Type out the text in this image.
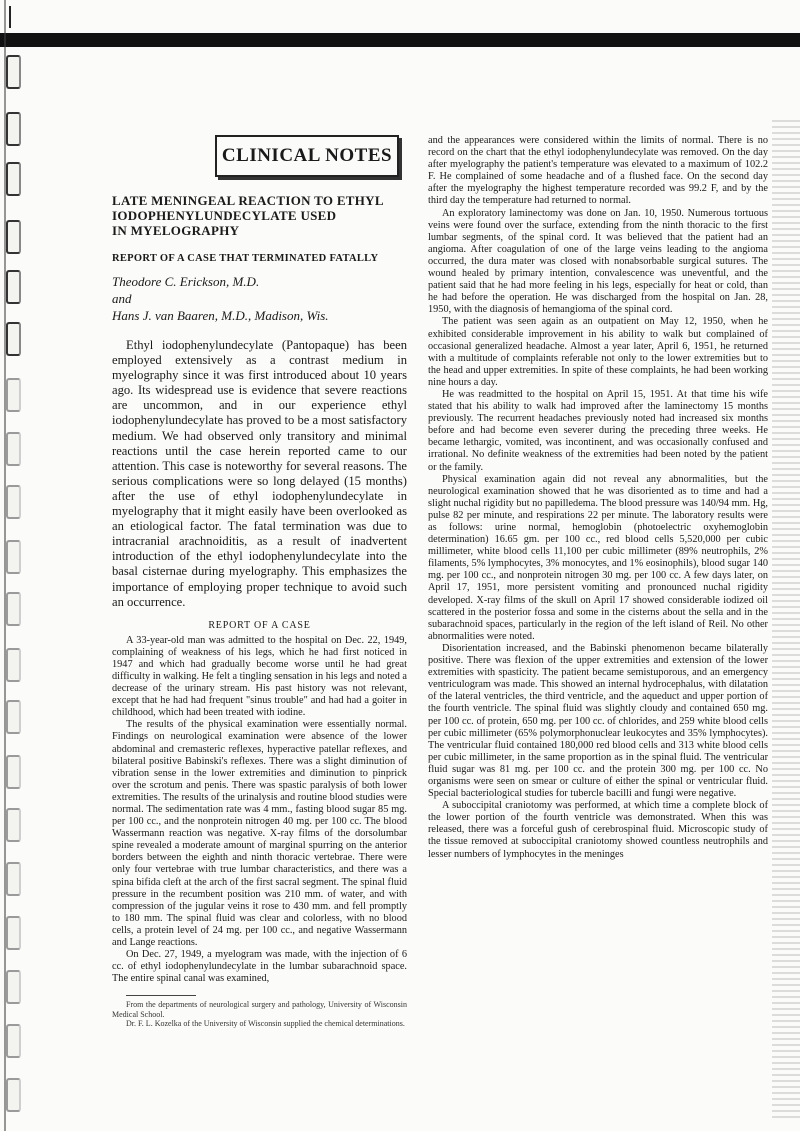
CLINICAL NOTES
LATE MENINGEAL REACTION TO ETHYL
IODOPHENYLUNDECYLATE USED
IN MYELOGRAPHY
REPORT OF A CASE THAT TERMINATED FATALLY
Theodore C. Erickson, M.D.
and
Hans J. van Baaren, M.D., Madison, Wis.

Ethyl iodophenylundecylate (Pantopaque) has been employed extensively as a contrast medium in myelography since it was first introduced about 10 years ago. Its widespread use is evidence that severe reactions are uncommon, and in our experience ethyl iodophenylundecylate has proved to be a most satisfactory medium. We had observed only transitory and minimal reactions until the case herein reported came to our attention. This case is noteworthy for several reasons. The serious complications were so long delayed (15 months) after the use of ethyl iodophenylundecylate in myelography that it might easily have been overlooked as an etiological factor. The fatal termination was due to intracranial arachnoiditis, as a result of inadvertent introduction of the ethyl iodophenylundecylate into the basal cisternae during myelography. This emphasizes the importance of employing proper technique to avoid such an occurrence.

REPORT OF A CASE

A 33-year-old man was admitted to the hospital on Dec. 22, 1949, complaining of weakness of his legs, which he had first noticed in 1947 and which had gradually become worse until he had great difficulty in walking. He felt a tingling sensation in his legs and noted a decrease of the urinary stream. His past history was not relevant, except that he had had frequent "sinus trouble" and had had a goiter in childhood, which had been treated with iodine.

The results of the physical examination were essentially normal. Findings on neurological examination were absence of the lower abdominal and cremasteric reflexes, hyperactive patellar reflexes, and bilateral positive Babinski's reflexes. There was a slight diminution of vibration sense in the lower extremities and diminution to pinprick over the scrotum and penis. There was spastic paralysis of both lower extremities. The results of the urinalysis and routine blood studies were normal. The sedimentation rate was 4 mm., fasting blood sugar 85 mg. per 100 cc., and the nonprotein nitrogen 40 mg. per 100 cc. The blood Wassermann reaction was negative. X-ray films of the dorsolumbar spine revealed a moderate amount of marginal spurring on the anterior borders between the eighth and ninth thoracic vertebrae. There were only four vertebrae with true lumbar characteristics, and there was a spina bifida cleft at the arch of the first sacral segment. The spinal fluid pressure in the recumbent position was 210 mm. of water, and with compression of the jugular veins it rose to 430 mm. and fell promptly to 180 mm. The spinal fluid was clear and colorless, with no blood cells, a protein level of 24 mg. per 100 cc., and negative Wassermann and Lange reactions.

On Dec. 27, 1949, a myelogram was made, with the injection of 6 cc. of ethyl iodophenylundecylate in the lumbar subarachnoid space. The entire spinal canal was examined,

From the departments of neurological surgery and pathology, University of Wisconsin Medical School.
Dr. F. L. Kozelka of the University of Wisconsin supplied the chemical determinations.

and the appearances were considered within the limits of normal. There is no record on the chart that the ethyl iodophenylundecylate was removed. On the day after myelography the patient's temperature was elevated to a maximum of 102.2 F. He complained of some headache and of a flushed face. On the second day after the myelography the highest temperature recorded was 99.2 F, and by the third day the temperature had returned to normal.

An exploratory laminectomy was done on Jan. 10, 1950. Numerous tortuous veins were found over the surface, extending from the ninth thoracic to the first lumbar segments, of the spinal cord. It was believed that the patient had an angioma. After coagulation of one of the large veins leading to the angioma occurred, the dura mater was closed with nonabsorbable surgical sutures. The wound healed by primary intention, convalescence was uneventful, and the patient said that he had more feeling in his legs, especially for heat or cold, than he had before the operation. He was discharged from the hospital on Jan. 28, 1950, with the diagnosis of hemangioma of the spinal cord.

The patient was seen again as an outpatient on May 12, 1950, when he exhibited considerable improvement in his ability to walk but complained of occasional generalized headache. Almost a year later, April 6, 1951, he returned with a multitude of complaints referable not only to the lower extremities but to the head and upper extremities. In spite of these complaints, he had been working nine hours a day.

He was readmitted to the hospital on April 15, 1951. At that time his wife stated that his ability to walk had improved after the laminectomy 15 months previously. The recurrent headaches previously noted had increased six months before and had become even severer during the preceding three weeks. He became lethargic, vomited, was incontinent, and was occasionally confused and irrational. No definite weakness of the extremities had been noted by the patient or the family.

Physical examination again did not reveal any abnormalities, but the neurological examination showed that he was disoriented as to time and had a slight nuchal rigidity but no papilledema. The blood pressure was 140/94 mm. Hg, pulse 82 per minute, and respirations 22 per minute. The laboratory results were as follows: urine normal, hemoglobin (photoelectric oxyhemoglobin determination) 16.65 gm. per 100 cc., red blood cells 5,520,000 per cubic millimeter, white blood cells 11,100 per cubic millimeter (89% neutrophils, 2% filaments, 5% lymphocytes, 3% monocytes, and 1% eosinophils), blood sugar 140 mg. per 100 cc., and nonprotein nitrogen 30 mg. per 100 cc. A few days later, on April 17, 1951, more persistent vomiting and pronounced nuchal rigidity developed. X-ray films of the skull on April 17 showed considerable iodized oil scattered in the posterior fossa and some in the cisterns about the sella and in the subarachnoid spaces, particularly in the region of the left island of Reil. No other abnormalities were noted.

Disorientation increased, and the Babinski phenomenon became bilaterally positive. There was flexion of the upper extremities and extension of the lower extremities with spasticity. The patient became semistuporous, and an emergency ventriculogram was made. This showed an internal hydrocephalus, with dilatation of the lateral ventricles, the third ventricle, and the aqueduct and upper portion of the fourth ventricle. The spinal fluid was slightly cloudy and contained 650 mg. per 100 cc. of protein, 650 mg. per 100 cc. of chlorides, and 259 white blood cells per cubic millimeter (65% polymorphonuclear leukocytes and 35% lymphocytes). The ventricular fluid contained 180,000 red blood cells and 313 white blood cells per cubic millimeter, in the same proportion as in the spinal fluid. The ventricular fluid sugar was 81 mg. per 100 cc. and the protein 300 mg. per 100 cc. No organisms were seen on smear or culture of either the spinal or ventricular fluid. Special bacteriological studies for tubercle bacilli and fungi were negative.

A suboccipital craniotomy was performed, at which time a complete block of the lower portion of the fourth ventricle was demonstrated. When this was released, there was a forceful gush of cerebrospinal fluid. Microscopic study of the tissue removed at suboccipital craniotomy showed countless neutrophils and lesser numbers of lymphocytes in the meninges
